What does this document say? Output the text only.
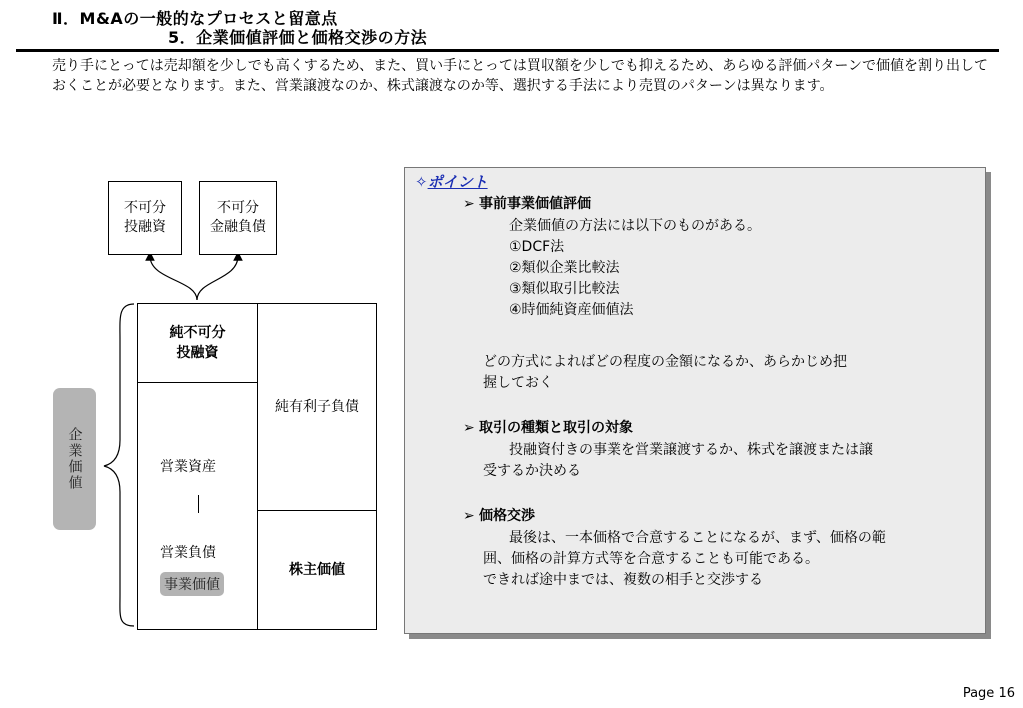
Ⅱ．M&Aの一般的なプロセスと留意点
5．企業価値評価と価格交渉の方法
売り手にとっては売却額を少しでも高くするため、また、買い手にとっては買収額を少しでも抑えるため、あらゆる評価パターンで価値を割り出しておくことが必要となります。また、営業譲渡なのか、株式譲渡なのか等、選択する手法により売買のパターンは異なります。
不可分
投融資
不可分
金融負債
純不可分
投融資
営業資産
営業負債
事業価値
純有利子負債
株主価値
企業価値
✧ポイント
➢ 事前事業価値評価
企業価値の方法には以下のものがある。
①DCF法
②類似企業比較法
③類似取引比較法
④時価純資産価値法
どの方式によればどの程度の金額になるか、あらかじめ把
握しておく
➢ 取引の種類と取引の対象
投融資付きの事業を営業譲渡するか、株式を譲渡または譲
受するか決める
➢ 価格交渉
最後は、一本価格で合意することになるが、まず、価格の範
囲、価格の計算方式等を合意することも可能である。
できれば途中までは、複数の相手と交渉する
Page 16
